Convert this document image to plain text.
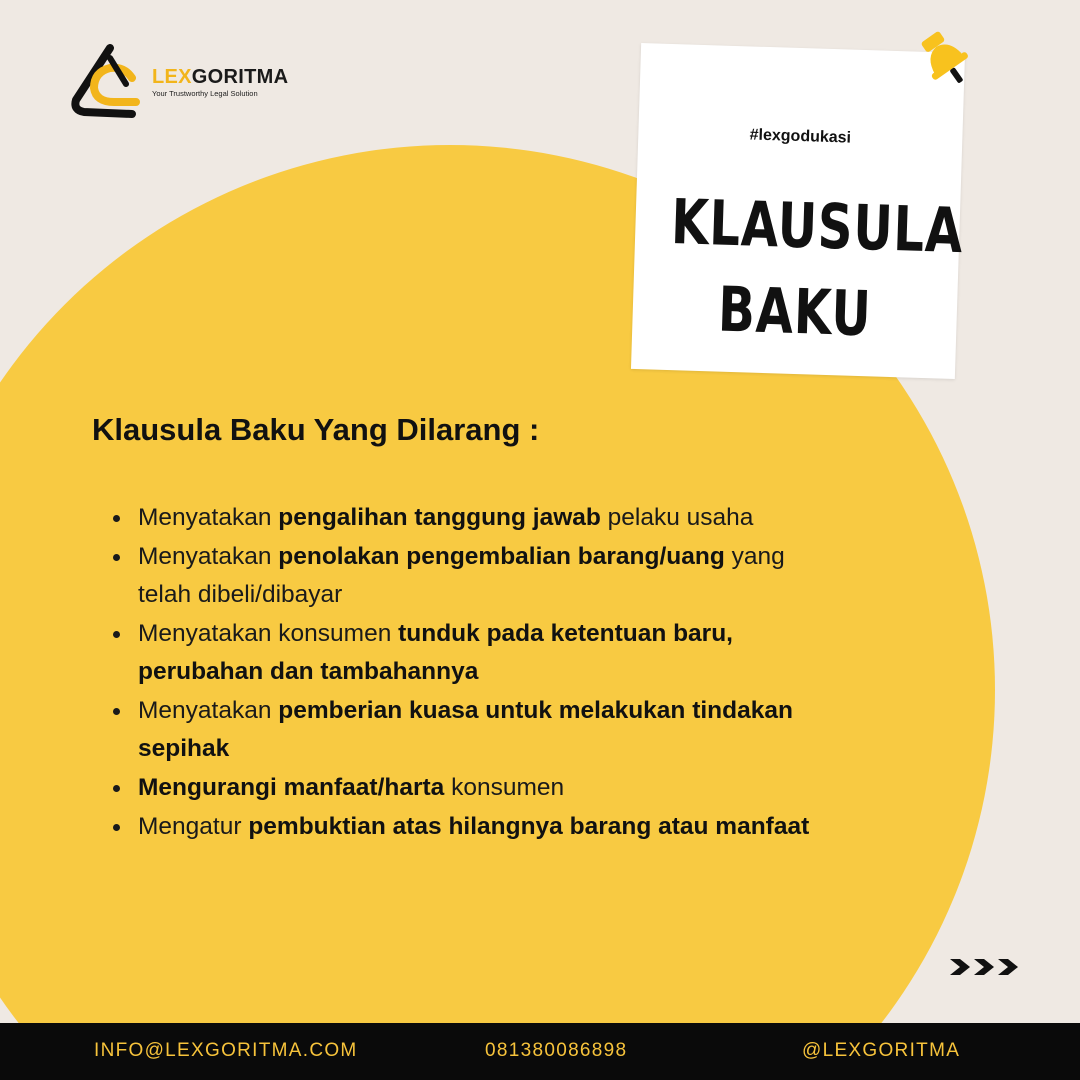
LEXGORITMA
Your Trustworthy Legal Solution
#lexgodukasi
KLAUSULA
BAKU
Klausula Baku Yang Dilarang :
Menyatakan pengalihan tanggung jawab pelaku usaha
Menyatakan penolakan pengembalian barang/uang yang telah dibeli/dibayar
Menyatakan konsumen tunduk pada ketentuan baru, perubahan dan tambahannya
Menyatakan pemberian kuasa untuk melakukan tindakan sepihak
Mengurangi manfaat/harta konsumen
Mengatur pembuktian atas hilangnya barang atau manfaat
INFO@LEXGORITMA.COM	081380086898	@LEXGORITMA
